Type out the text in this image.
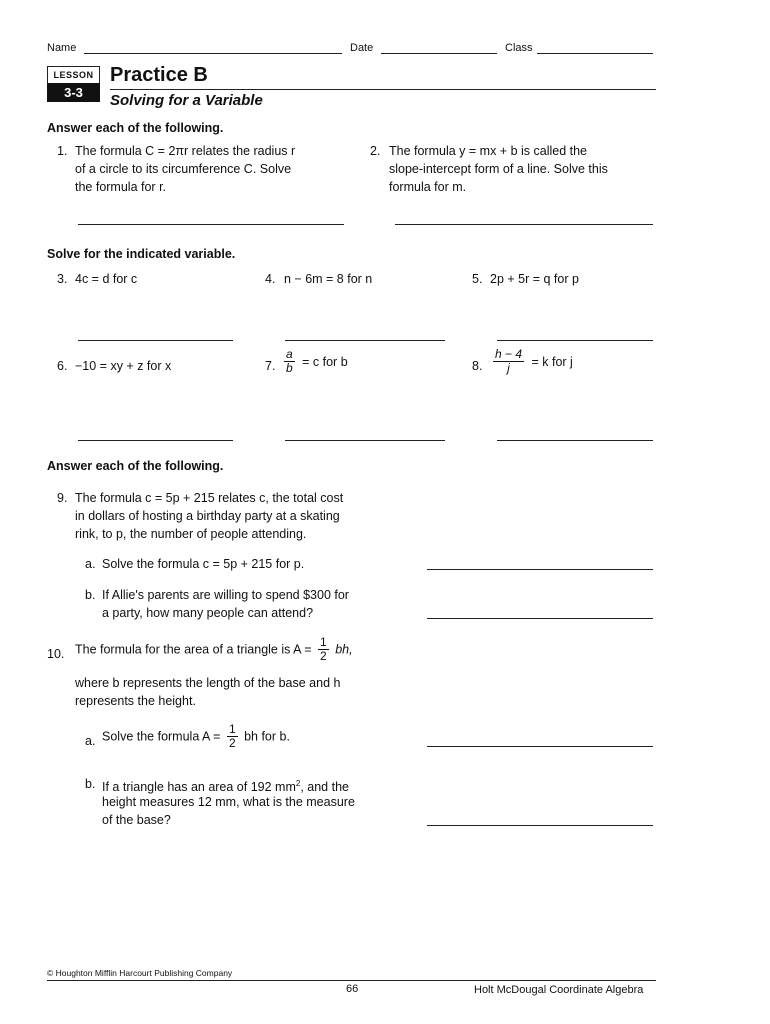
Name	Date	Class
LESSON
3-3
Practice B
Solving for a Variable
Answer each of the following.
1. The formula C = 2πr relates the radius r
of a circle to its circumference C. Solve
the formula for r.
2. The formula y = mx + b is called the
slope-intercept form of a line. Solve this
formula for m.
Solve for the indicated variable.
3. 4c = d for c	4. n − 6m = 8 for n	5. 2p + 5r = q for p
6. −10 = xy + z for x	7. $\frac{a}{b} = c$ for b	8. $\frac{h - 4}{j} = k$ for j
Answer each of the following.
9. The formula c = 5p + 215 relates c, the total cost
in dollars of hosting a birthday party at a skating
rink, to p, the number of people attending.
a. Solve the formula c = 5p + 215 for p.
b. If Allie's parents are willing to spend $300 for
a party, how many people can attend?
10. The formula for the area of a triangle is $A = \frac{1}{2}$ bh,
where b represents the length of the base and h
represents the height.
a. Solve the formula $A = \frac{1}{2}$ bh for b.
b. If a triangle has an area of 192 $mm^2$, and the
height measures 12 mm, what is the measure
of the base?
© Houghton Mifflin Harcourt Publishing Company
66	Holt McDougal Coordinate Algebra
